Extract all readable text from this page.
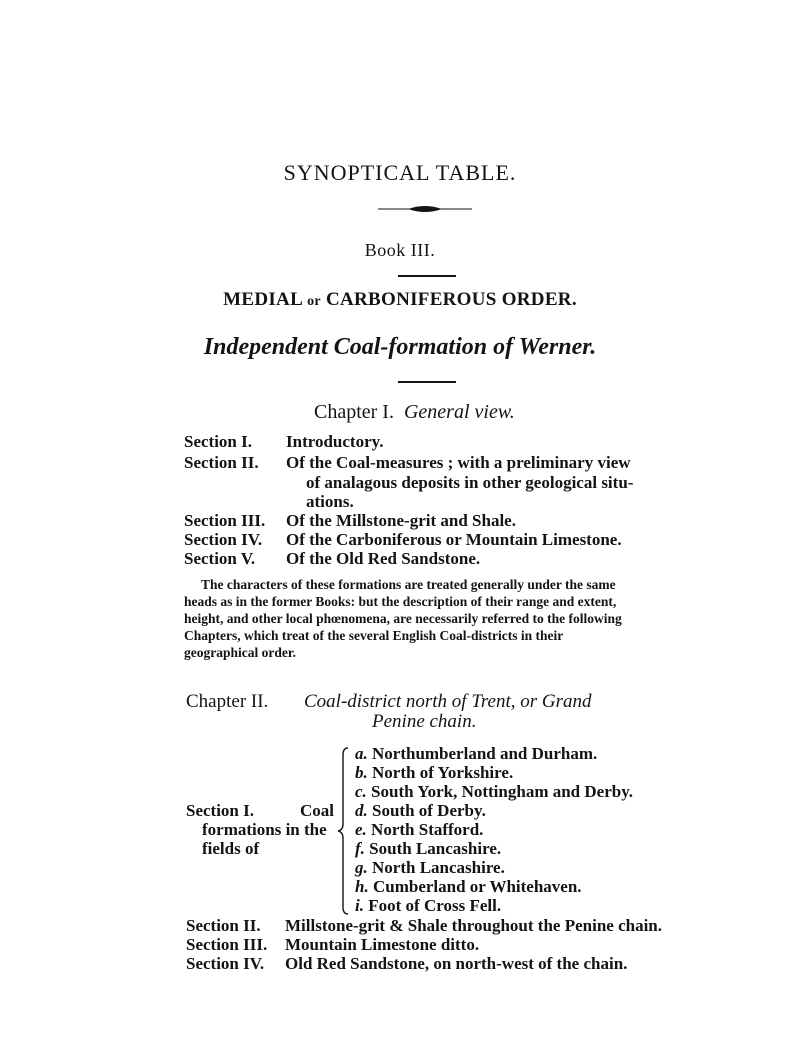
SYNOPTICAL TABLE.
Book III.
MEDIAL or CARBONIFEROUS ORDER.
Independent Coal-formation of Werner.
Chapter I. General view.
Section I. Introductory.
Section II. Of the Coal-measures ; with a preliminary view
of analagous deposits in other geological situ-
ations.
Section III. Of the Millstone-grit and Shale.
Section IV. Of the Carboniferous or Mountain Limestone.
Section V. Of the Old Red Sandstone.
The characters of these formations are treated generally under the same
heads as in the former Books: but the description of their range and extent,
height, and other local phœnomena, are necessarily referred to the following
Chapters, which treat of the several English Coal-districts in their
geographical order.
Chapter II. Coal-district north of Trent, or Grand
Penine chain.
Section I.	Coal
formations in the
fields of
a. Northumberland and Durham.
b. North of Yorkshire.
c. South York, Nottingham and Derby.
d. South of Derby.
e. North Stafford.
f. South Lancashire.
g. North Lancashire.
h. Cumberland or Whitehaven.
i. Foot of Cross Fell.
Section II. Millstone-grit & Shale throughout the Penine chain.
Section III. Mountain Limestone ditto.
Section IV. Old Red Sandstone, on north-west of the chain.
